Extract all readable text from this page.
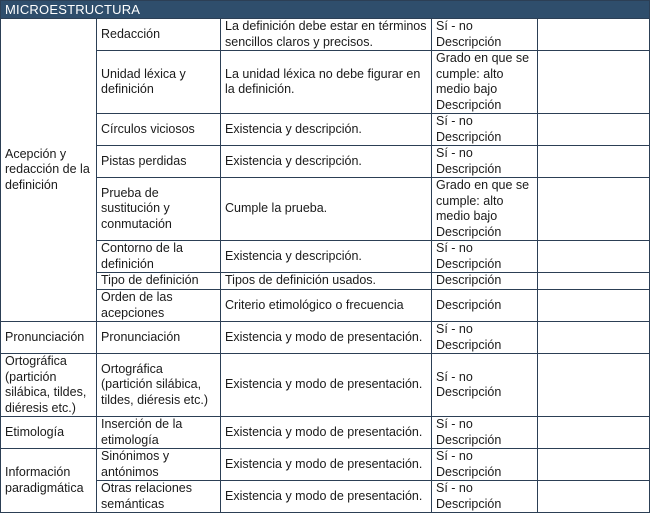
MICROESTRUCTURA				
Acepción y redacción de la definición	Redacción	La definición debe estar en términos sencillos claros y precisos.	Sí - no Descripción	
	Unidad léxica y definición	La unidad léxica no debe figurar en la definición.	Grado en que se cumple: alto medio bajo Descripción	
	Círculos viciosos	Existencia y descripción.	Sí - no Descripción	
	Pistas perdidas	Existencia y descripción.	Sí - no Descripción	
	Prueba de sustitución y conmutación	Cumple la prueba.	Grado en que se cumple: alto medio bajo Descripción	
	Contorno de la definición	Existencia y descripción.	Sí - no Descripción	
	Tipo de definición	Tipos de definición usados.	Descripción	
	Orden de las acepciones	Criterio etimológico o frecuencia	Descripción	
Pronunciación	Pronunciación	Existencia y modo de presentación.	Sí - no Descripción	
Ortográfica (partición silábica, tildes, diéresis etc.)	Ortográfica (partición silábica, tildes, diéresis etc.)	Existencia y modo de presentación.	Sí - no Descripción	
Etimología	Inserción de la etimología	Existencia y modo de presentación.	Sí - no Descripción	
Información paradigmática	Sinónimos y antónimos	Existencia y modo de presentación.	Sí - no Descripción	
	Otras relaciones semánticas	Existencia y modo de presentación.	Sí - no Descripción	
